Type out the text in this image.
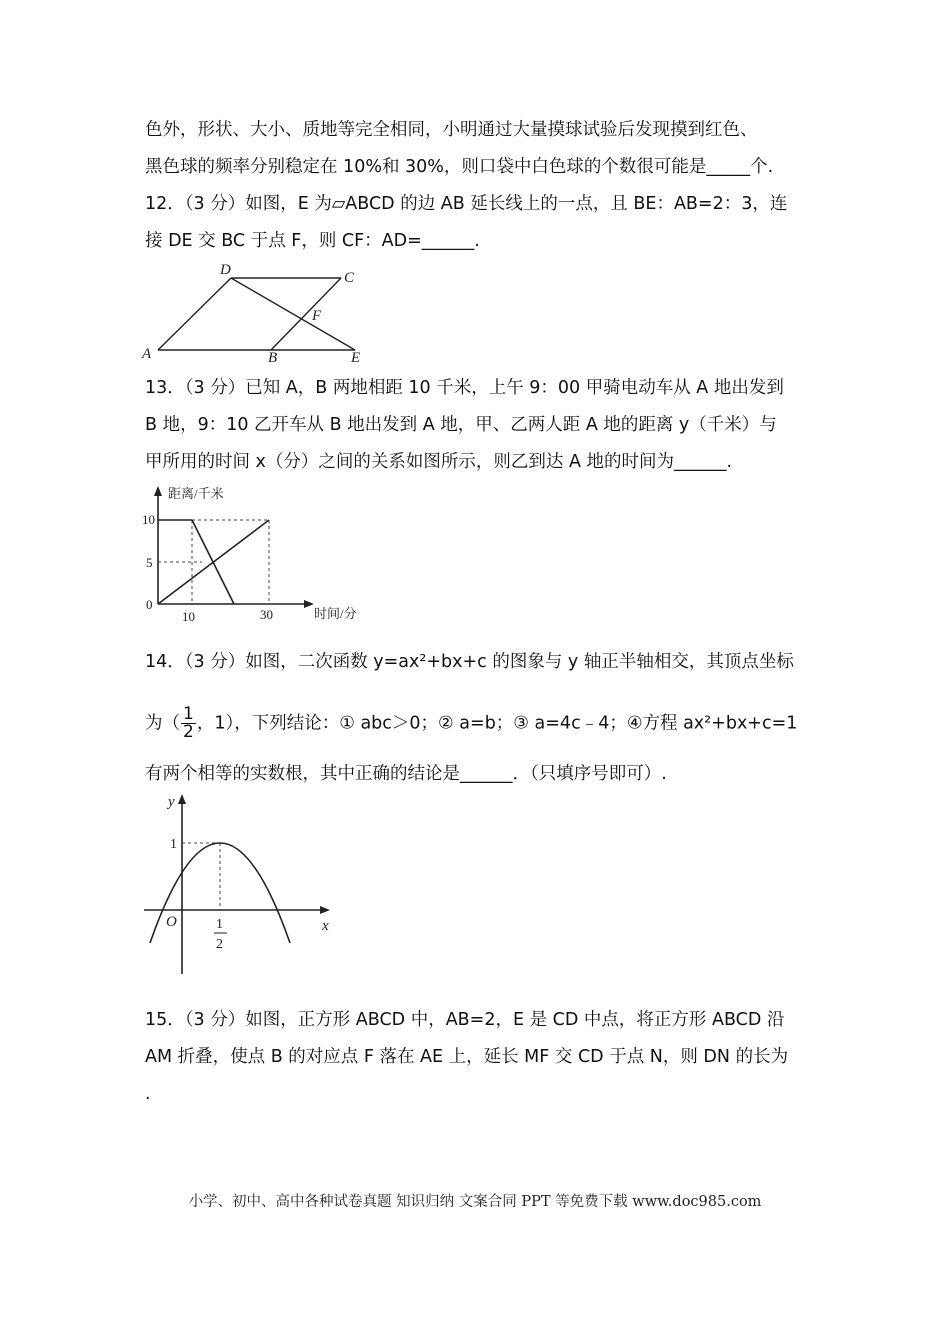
色外，形状、大小、质地等完全相同，小明通过大量摸球试验后发现摸到红色、
黑色球的频率分别稳定在 10%和 30%，则口袋中白色球的个数很可能是_____个.
12．（3 分）如图，E 为▱ABCD 的边 AB 延长线上的一点，且 BE：AB=2：3，连
接 DE 交 BC 于点 F，则 CF：AD=______.
A	B
C
D
E
F
13．（3 分）已知 A，B 两地相距 10 千米，上午 9：00 甲骑电动车从 A 地出发到
B 地，9：10 乙开车从 B 地出发到 A 地，甲、乙两人距 A 地的距离 y（千米）与
甲所用的时间 x（分）之间的关系如图所示，则乙到达 A 地的时间为______.
距离/千米
时间/分
10
5
0
10	30
14．（3 分）如图，二次函数 y=ax²+bx+c 的图象与 y 轴正半轴相交，其顶点坐标
为（ $\frac{1}{2}$ ，1），下列结论：① abc＞0；② a=b；③ a=4c﹣4；④方程 ax²+bx+c=1
有两个相等的实数根，其中正确的结论是______．（只填序号即可）.
y
x
O
1
1
2
15．（3 分）如图，正方形 ABCD 中，AB=2，E 是 CD 中点，将正方形 ABCD 沿
AM 折叠，使点 B 的对应点 F 落在 AE 上，延长 MF 交 CD 于点 N，则 DN 的长为
.
小学、初中、高中各种试卷真题 知识归纳 文案合同 PPT 等免费下载 www.doc985.com
